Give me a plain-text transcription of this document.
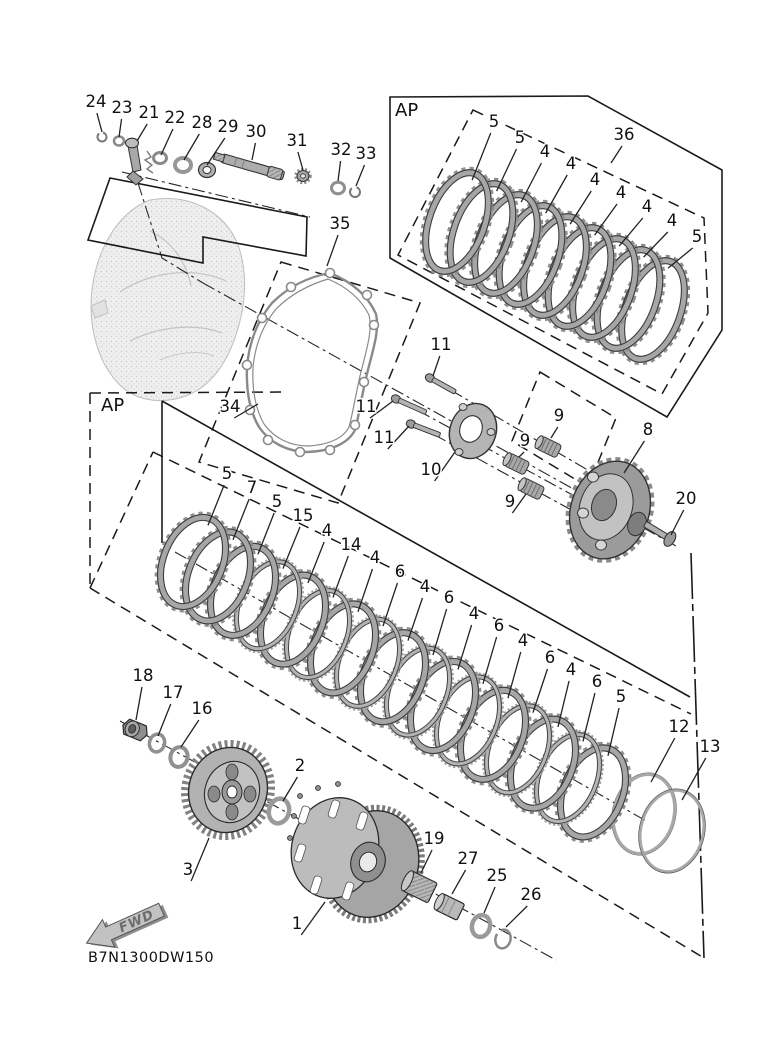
FWD
B7N1300DW150
AP
AP
5
5
4
4
4
4
4
4
5
5
7
5
15
4
14
4
6
4
6
4
6
4
6
4
6
5
24 23 21 22 28 29 30 31 32 33
35
36
34
11
11
11
10
9
9
9
8
20
12
13
18
17
16
3
2
1
19
27
25
26
